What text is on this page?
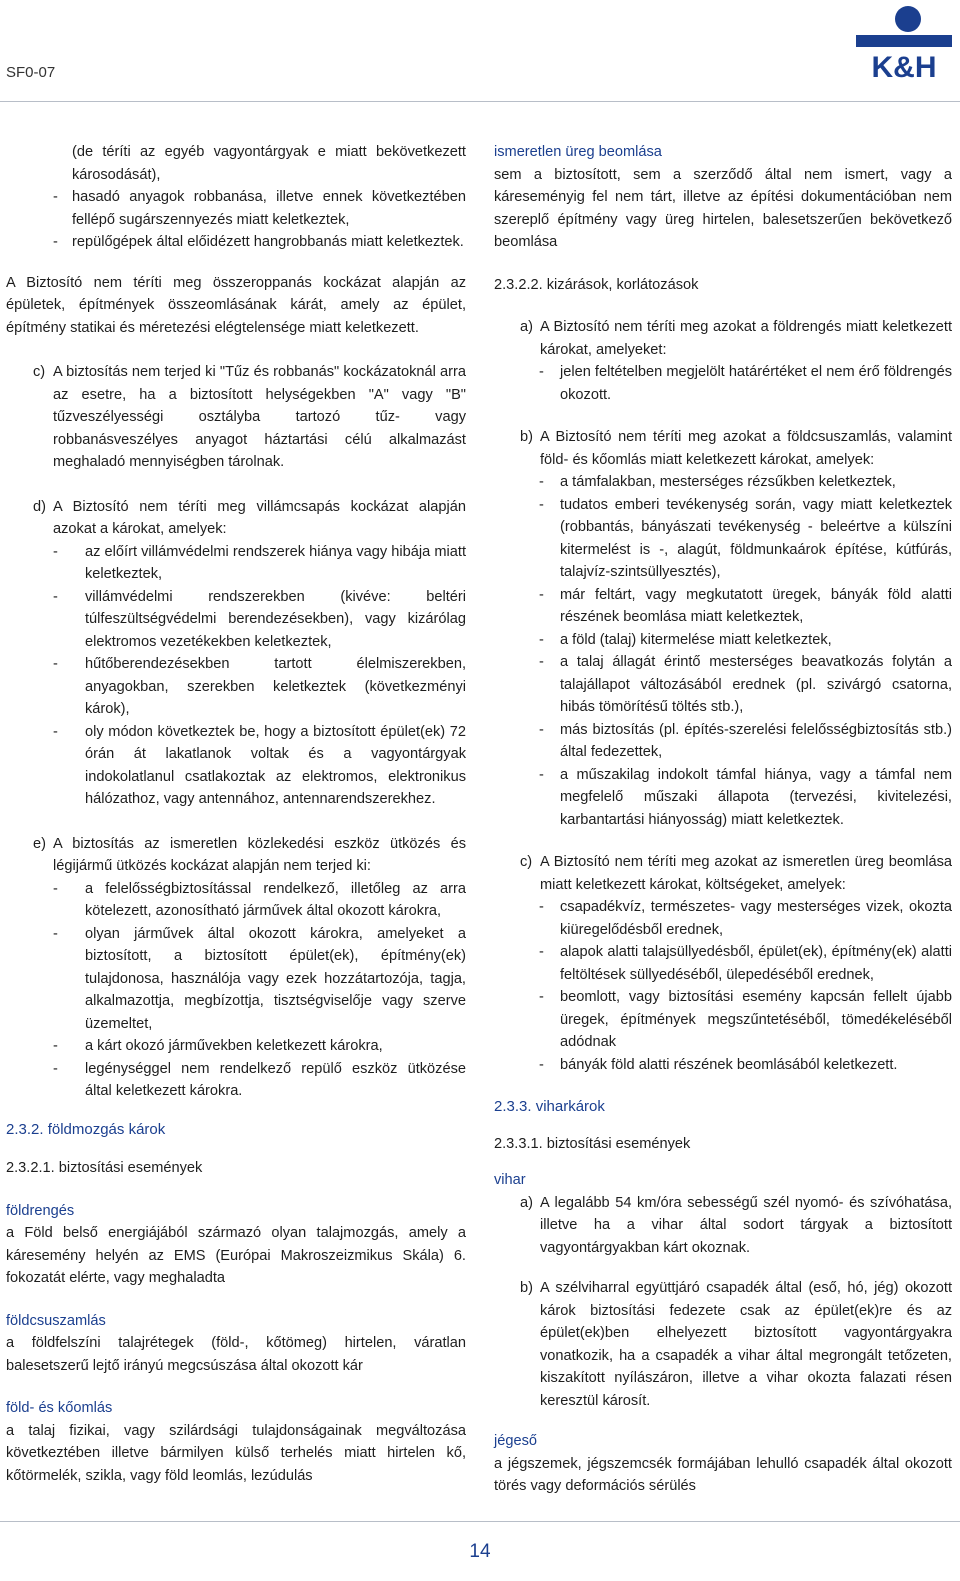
SF0-07	K&H

(de téríti az egyéb vagyontárgyak e miatt bekövetkezett károsodását),

- hasadó anyagok robbanása, illetve ennek következtében fellépő sugárszennyezés miatt keletkeztek,
- repülőgépek által előidézett hangrobbanás miatt keletkeztek.

A Biztosító nem téríti meg összeroppanás kockázat alapján az épületek, építmények összeomlásának kárát, amely az épület, építmény statikai és méretezési elégtelensége miatt keletkezett.

c) A biztosítás nem terjed ki "Tűz és robbanás" kockázatoknál arra az esetre, ha a biztosított helységekben "A" vagy "B" tűzveszélyességi osztályba tartozó tűz- vagy robbanásveszélyes anyagot háztartási célú alkalmazást meghaladó mennyiségben tárolnak.
d) A Biztosító nem téríti meg villámcsapás kockázat alapján azokat a károkat, amelyek:
- az előírt villámvédelmi rendszerek hiánya vagy hibája miatt keletkeztek,
- villámvédelmi rendszerekben (kivéve: beltéri túlfeszültségvédelmi berendezésekben), vagy kizárólag elektromos vezetékekben keletkeztek,
- hűtőberendezésekben tartott élelmiszerekben, anyagokban, szerekben keletkeztek (következményi károk),
- oly módon következtek be, hogy a biztosított épület(ek) 72 órán át lakatlanok voltak és a vagyontárgyak indokolatlanul csatlakoztak az elektromos, elektronikus hálózathoz, vagy antennához, antennarendszerekhez.
e) A biztosítás az ismeretlen közlekedési eszköz ütközés és légijármű ütközés kockázat alapján nem terjed ki:
- a felelősségbiztosítással rendelkező, illetőleg az arra kötelezett, azonosítható járművek által okozott károkra,
- olyan járművek által okozott károkra, amelyeket a biztosított, a biztosított épület(ek), építmény(ek) tulajdonosa, használója vagy ezek hozzátartozója, tagja, alkalmazottja, megbízottja, tisztségviselője vagy szerve üzemeltet,
- a kárt okozó járművekben keletkezett károkra,
- legénységgel nem rendelkező repülő eszköz ütközése által keletkezett károkra.

2.3.2. földmozgás károk

2.3.2.1. biztosítási események

földrengés

a Föld belső energiájából származó olyan talajmozgás, amely a káresemény helyén az EMS (Európai Makroszeizmikus Skála) 6. fokozatát elérte, vagy meghaladta

földcsuszamlás

a földfelszíni talajrétegek (föld-, kőtömeg) hirtelen, váratlan balesetszerű lejtő irányú megcsúszása által okozott kár

föld- és kőomlás

a talaj fizikai, vagy szilárdsági tulajdonságainak megváltozása következtében illetve bármilyen külső terhelés miatt hirtelen kő, kőtörmelék, szikla, vagy föld leomlás, lezúdulás

ismeretlen üreg beomlása

sem a biztosított, sem a szerződő által nem ismert, vagy a káreseményig fel nem tárt, illetve az építési dokumentációban nem szereplő építmény vagy üreg hirtelen, balesetszerűen bekövetkező beomlása

2.3.2.2. kizárások, korlátozások

a) A Biztosító nem téríti meg azokat a földrengés miatt keletkezett károkat, amelyeket:
- jelen feltételben megjelölt határértéket el nem érő földrengés okozott.
b) A Biztosító nem téríti meg azokat a földcsuszamlás, valamint föld- és kőomlás miatt keletkezett károkat, amelyek:
- a támfalakban, mesterséges rézsűkben keletkeztek,
- tudatos emberi tevékenység során, vagy miatt keletkeztek (robbantás, bányászati tevékenység - beleértve a külszíni kitermelést is -, alagút, földmunkaárok építése, kútfúrás, talajvíz-szintsüllyesztés),
- már feltárt, vagy megkutatott üregek, bányák föld alatti részének beomlása miatt keletkeztek,
- a föld (talaj) kitermelése miatt keletkeztek,
- a talaj állagát érintő mesterséges beavatkozás folytán a talajállapot változásából erednek (pl. szivárgó csatorna, hibás tömörítésű töltés stb.),
- más biztosítás (pl. építés-szerelési felelősségbiztosítás stb.) által fedezettek,
- a műszakilag indokolt támfal hiánya, vagy a támfal nem megfelelő műszaki állapota (tervezési, kivitelezési, karbantartási hiányosság) miatt keletkeztek.
c) A Biztosító nem téríti meg azokat az ismeretlen üreg beomlása miatt keletkezett károkat, költségeket, amelyek:
- csapadékvíz, természetes- vagy mesterséges vizek, okozta kiüregelődésből erednek,
- alapok alatti talajsüllyedésből, épület(ek), építmény(ek) alatti feltöltések süllyedéséből, ülepedéséből erednek,
- beomlott, vagy biztosítási esemény kapcsán fellelt újabb üregek, építmények megszűntetéséből, tömedékeléséből adódnak
- bányák föld alatti részének beomlásából keletkezett.

2.3.3. viharkárok

2.3.3.1. biztosítási események

vihar

a) A legalább 54 km/óra sebességű szél nyomó- és szívóhatása, illetve ha a vihar által sodort tárgyak a biztosított vagyontárgyakban kárt okoznak.
b) A szélviharral együttjáró csapadék által (eső, hó, jég) okozott károk biztosítási fedezete csak az épület(ek)re és az épület(ek)ben elhelyezett biztosított vagyontárgyakra vonatkozik, ha a csapadék a vihar által megrongált tetőzeten, kiszakított nyílászáron, illetve a vihar okozta falazati résen keresztül károsít.

jégeső

a jégszemek, jégszemcsék formájában lehulló csapadék által okozott törés vagy deformációs sérülés

14
